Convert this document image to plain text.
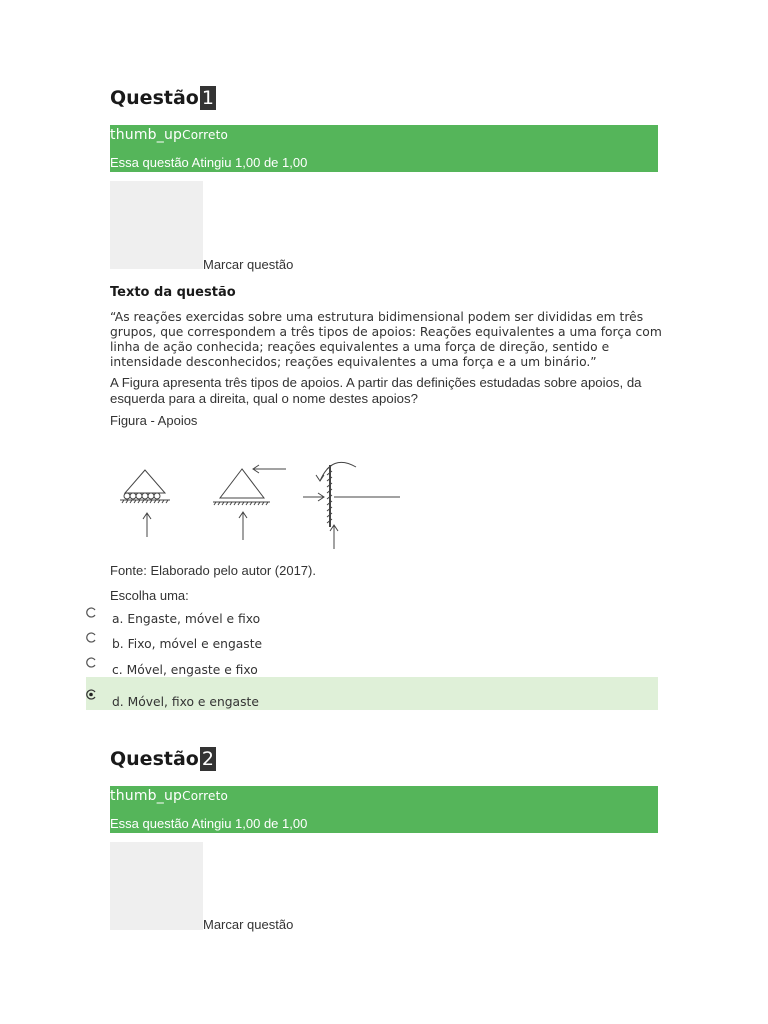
Questão 1
thumb_upCorreto
Essa questão Atingiu 1,00 de 1,00
Marcar questão
Texto da questão
“As reações exercidas sobre uma estrutura bidimensional podem ser divididas em três grupos, que correspondem a três tipos de apoios: Reações equivalentes a uma força com linha de ação conhecida; reações equivalentes a uma força de direção, sentido e intensidade desconhecidos; reações equivalentes a uma força e a um binário.”
A Figura apresenta três tipos de apoios. A partir das definições estudadas sobre apoios, da esquerda para a direita, qual o nome destes apoios?
Figura - Apoios
Fonte: Elaborado pelo autor (2017).
Escolha uma:
a. Engaste, móvel e fixo
b. Fixo, móvel e engaste
c. Móvel, engaste e fixo
d. Móvel, fixo e engaste
Questão 2
thumb_upCorreto
Essa questão Atingiu 1,00 de 1,00
Marcar questão
